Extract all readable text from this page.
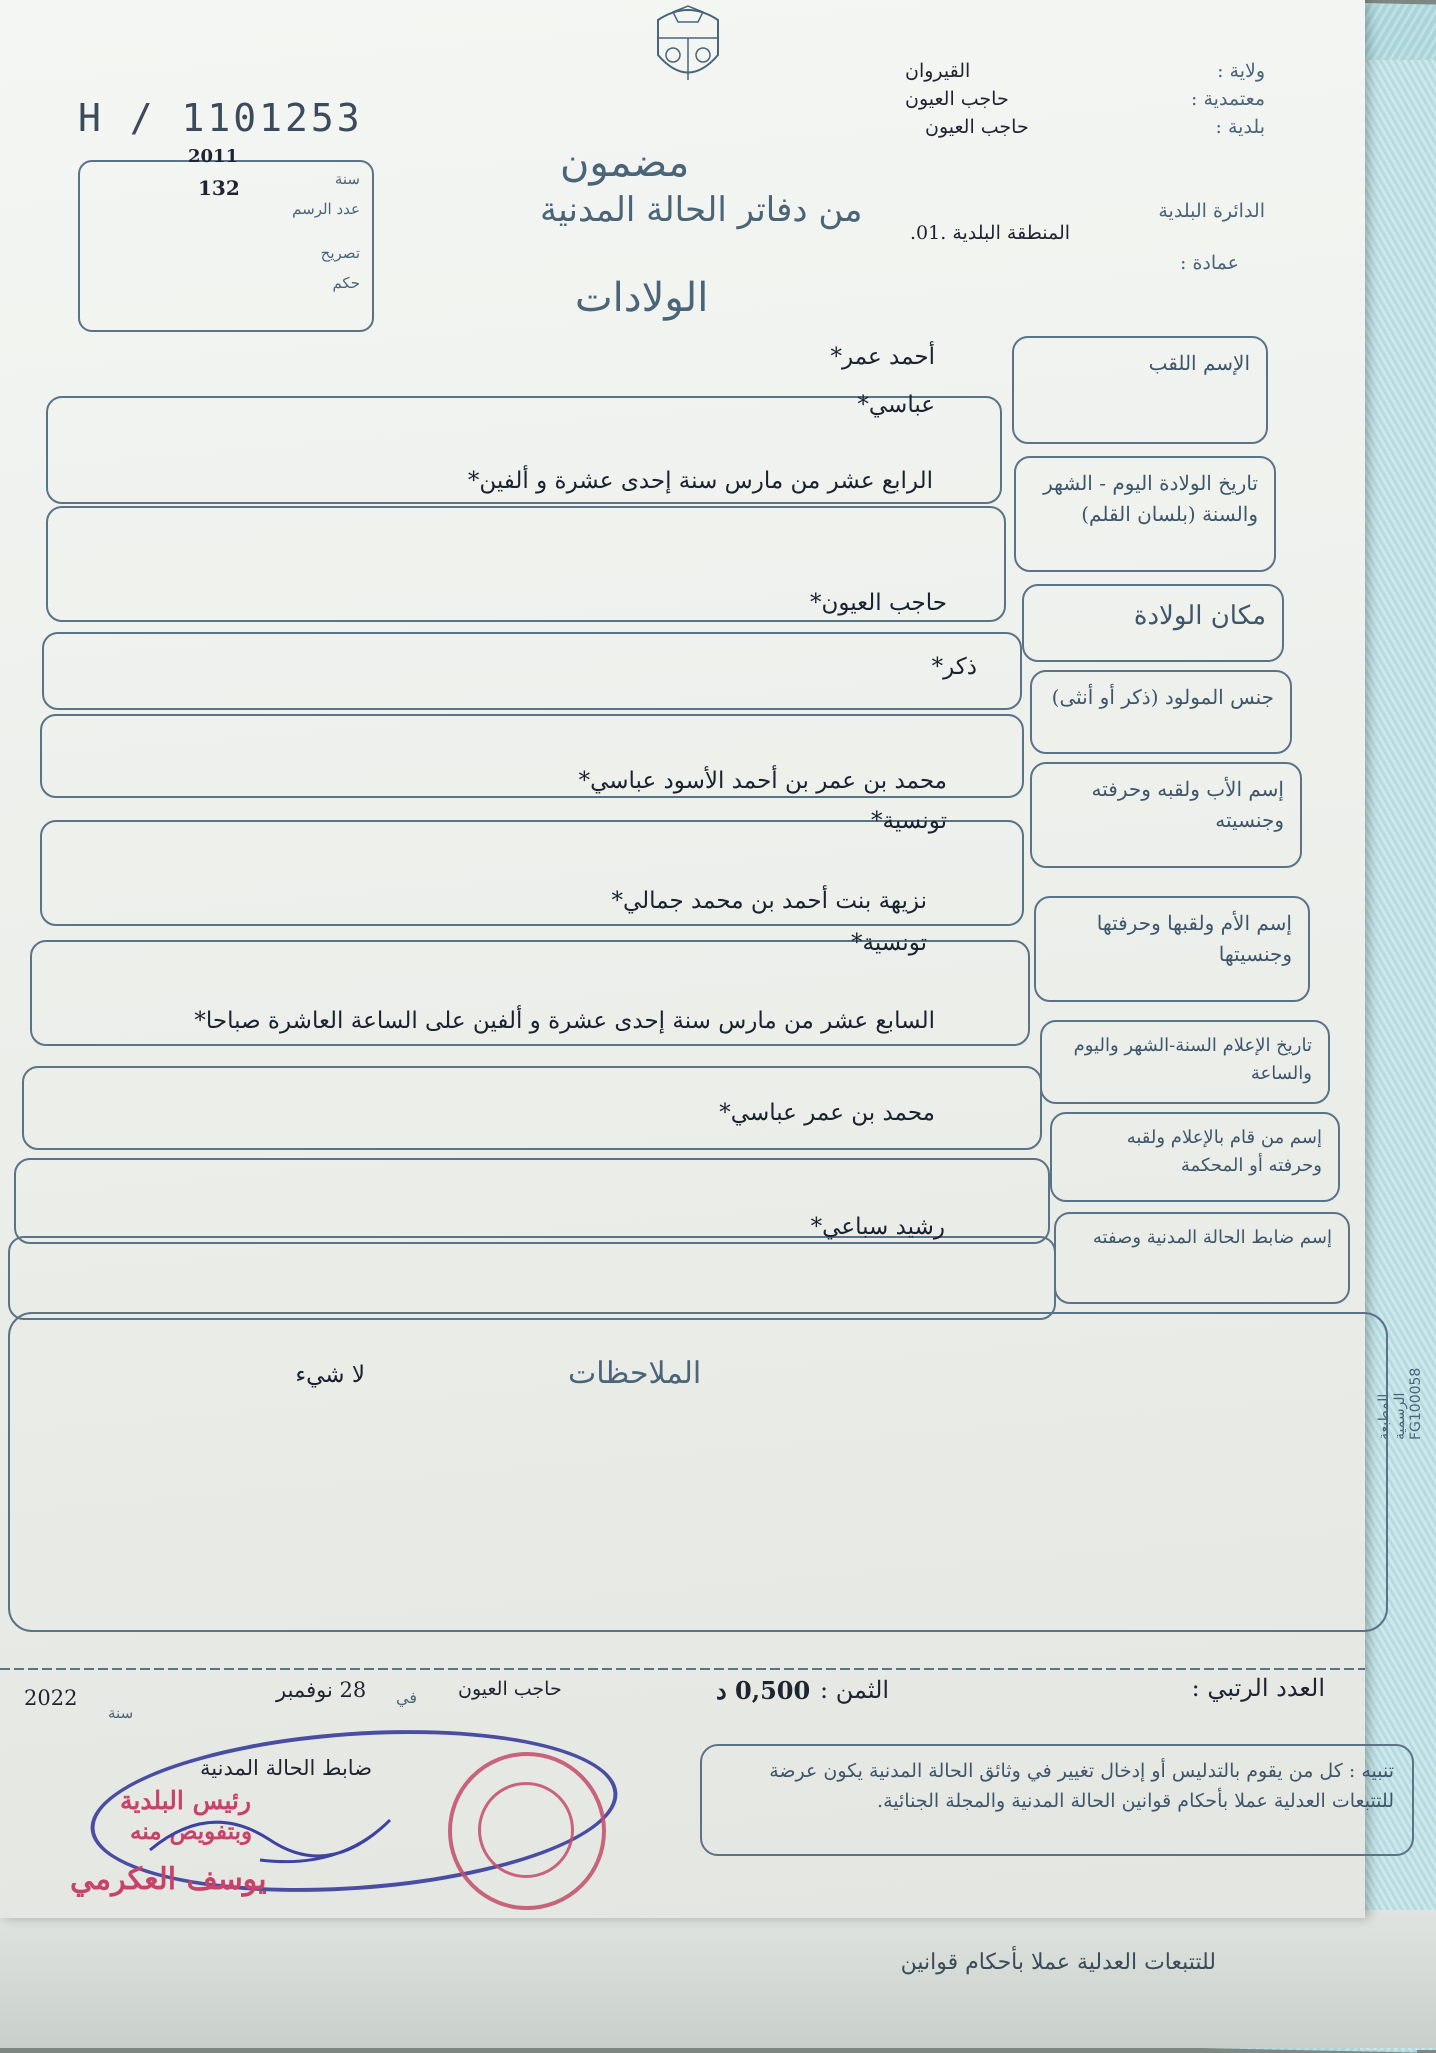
للتتبعات العدلية عملا بأحكام قوانين
H / 1101253
2011
132	سنة
عدد الرسم
تصريح
حكم
ولاية :
القيروان
معتمدية :
حاجب العيون
بلدية :
حاجب العيون
الدائرة البلدية
المنطقة البلدية .01.
عمادة :
مضمون
من دفاتر الحالة المدنية
الولادات
الإسم اللقب
أحمد عمر*
عباسي*
تاريخ الولادة اليوم - الشهر والسنة (بلسان القلم)
الرابع عشر من مارس سنة إحدى عشرة و ألفين*
مكان الولادة
حاجب العيون*
جنس المولود (ذكر أو أنثى)
ذكر*
إسم الأب ولقبه وحرفته وجنسيته
محمد بن عمر بن أحمد الأسود عباسي*
تونسية*
إسم الأم ولقبها وحرفتها وجنسيتها
نزيهة بنت أحمد بن محمد جمالي*
تونسية*
تاريخ الإعلام السنة-الشهر واليوم والساعة
السابع عشر من مارس سنة إحدى عشرة و ألفين على الساعة العاشرة صباحا*
إسم من قام بالإعلام ولقبه وحرفته أو المحكمة
محمد بن عمر عباسي*
إسم ضابط الحالة المدنية وصفته
رشيد سباعي*
الملاحظات
لا شيء
المطبعة الرسمية FG100058
العدد الرتبي :
الثمن :
0,500 د
حاجب العيون
في
28 نوفمبر
2022
سنة
تنبيه : كل من يقوم بالتدليس أو إدخال تغيير في وثائق الحالة المدنية يكون عرضة للتتبعات العدلية عملا بأحكام قوانين الحالة المدنية والمجلة الجنائية.
ضابط الحالة المدنية
رئيس البلدية
وبتفويض منه
يوسف العكرمي
